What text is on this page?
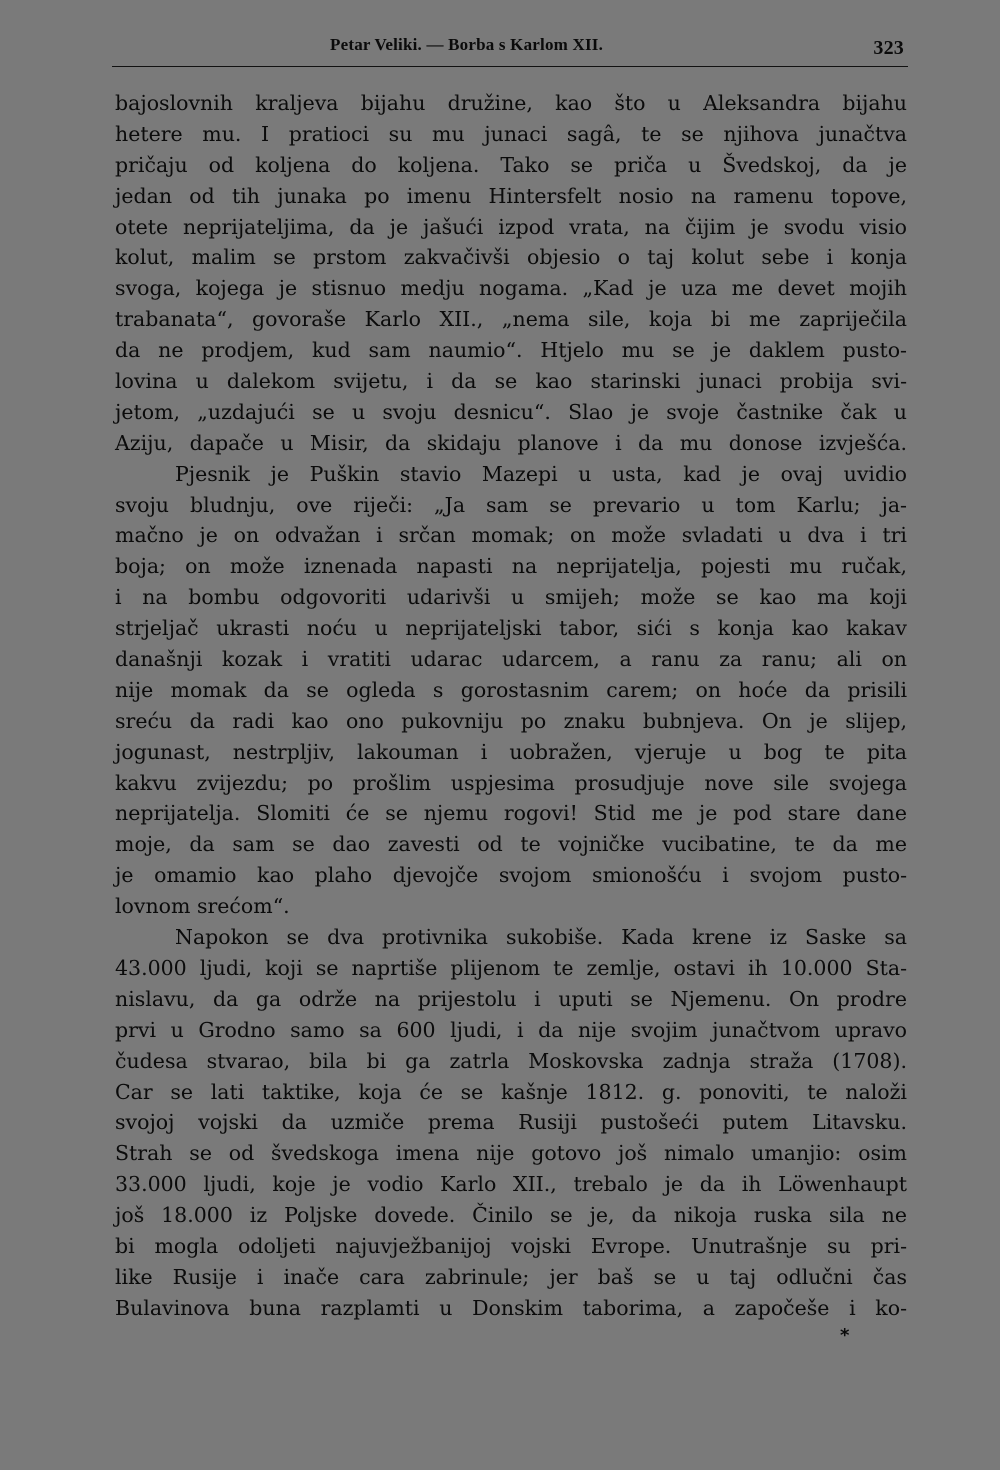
Petar Veliki. — Borba s Karlom XII.	323
bajoslovnih kraljeva bijahu družine, kao što u Aleksandra bijahu
hetere mu. I pratioci su mu junaci sagâ, te se njihova junačtva
pričaju od koljena do koljena. Tako se priča u Švedskoj, da je
jedan od tih junaka po imenu Hintersfelt nosio na ramenu topove,
otete neprijateljima, da je jašući izpod vrata, na čijim je svodu visio
kolut, malim se prstom zakvačivši objesio o taj kolut sebe i konja
svoga, kojega je stisnuo medju nogama. „Kad je uza me devet mojih
trabanata“, govoraše Karlo XII., „nema sile, koja bi me zapriječila
da ne prodjem, kud sam naumio“. Htjelo mu se je daklem pusto-
lovina u dalekom svijetu, i da se kao starinski junaci probija svi-
jetom, „uzdajući se u svoju desnicu“. Slao je svoje častnike čak u
Aziju, dapače u Misir, da skidaju planove i da mu donose izvješća.
Pjesnik je Puškin stavio Mazepi u usta, kad je ovaj uvidio
svoju bludnju, ove riječi: „Ja sam se prevario u tom Karlu; ja-
mačno je on odvažan i srčan momak; on može svladati u dva i tri
boja; on može iznenada napasti na neprijatelja, pojesti mu ručak,
i na bombu odgovoriti udarivši u smijeh; može se kao ma koji
strjeljač ukrasti noću u neprijateljski tabor, sići s konja kao kakav
današnji kozak i vratiti udarac udarcem, a ranu za ranu; ali on
nije momak da se ogleda s gorostasnim carem; on hoće da prisili
sreću da radi kao ono pukovniju po znaku bubnjeva. On je slijep,
jogunast, nestrpljiv, lakouman i uobražen, vjeruje u bog te pita
kakvu zvijezdu; po prošlim uspjesima prosudjuje nove sile svojega
neprijatelja. Slomiti će se njemu rogovi! Stid me je pod stare dane
moje, da sam se dao zavesti od te vojničke vucibatine, te da me
je omamio kao plaho djevojče svojom smionošću i svojom pusto-
lovnom srećom“.
Napokon se dva protivnika sukobiše. Kada krene iz Saske sa
43.000 ljudi, koji se naprtiše plijenom te zemlje, ostavi ih 10.000 Sta-
nislavu, da ga održe na prijestolu i uputi se Njemenu. On prodre
prvi u Grodno samo sa 600 ljudi, i da nije svojim junačtvom upravo
čudesa stvarao, bila bi ga zatrla Moskovska zadnja straža (1708).
Car se lati taktike, koja će se kašnje 1812. g. ponoviti, te naloži
svojoj vojski da uzmiče prema Rusiji pustošeći putem Litavsku.
Strah se od švedskoga imena nije gotovo još nimalo umanjio: osim
33.000 ljudi, koje je vodio Karlo XII., trebalo je da ih Löwenhaupt
još 18.000 iz Poljske dovede. Činilo se je, da nikoja ruska sila ne
bi mogla odoljeti najuvježbanijoj vojski Evrope. Unutrašnje su pri-
like Rusije i inače cara zabrinule; jer baš se u taj odlučni čas
Bulavinova buna razplamti u Donskim taborima, a započeše i ko-
*
